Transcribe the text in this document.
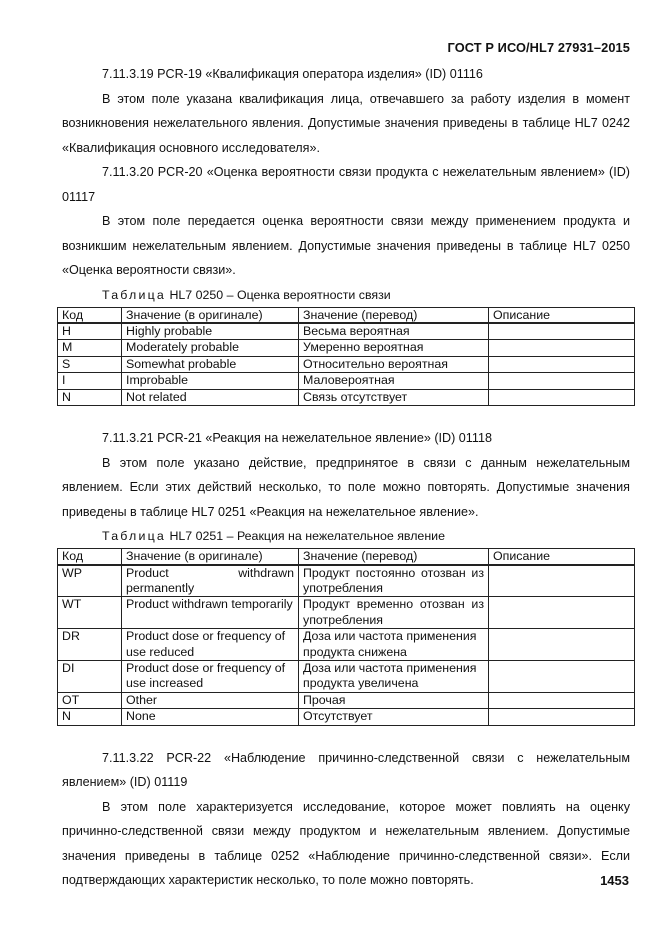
ГОСТ Р ИСО/HL7 27931–2015

7.11.3.19 PCR-19 «Квалификация оператора изделия» (ID) 01116

В этом поле указана квалификация лица, отвечавшего за работу изделия в момент возникновения нежелательного явления. Допустимые значения приведены в таблице HL7 0242 «Квалификация основного исследователя».

7.11.3.20 PCR-20 «Оценка вероятности связи продукта с нежелательным явлением» (ID) 01117

В этом поле передается оценка вероятности связи между применением продукта и возникшим нежелательным явлением. Допустимые значения приведены в таблице HL7 0250 «Оценка вероятности связи».

Таблица HL7 0250 – Оценка вероятности связи

Код	Значение (в оригинале)	Значение (перевод)	Описание
H	Highly probable	Весьма вероятная	
M	Moderately probable	Умеренно вероятная	
S	Somewhat probable	Относительно вероятная	
I	Improbable	Маловероятная	
N	Not related	Связь отсутствует	

7.11.3.21 PCR-21 «Реакция на нежелательное явление» (ID) 01118

В этом поле указано действие, предпринятое в связи с данным нежелательным явлением. Если этих действий несколько, то поле можно повторять. Допустимые значения приведены в таблице HL7 0251 «Реакция на нежелательное явление».

Таблица HL7 0251 – Реакция на нежелательное явление

Код	Значение (в оригинале)	Значение (перевод)	Описание
WP	Product withdrawn permanently	Продукт постоянно отозван из употребления	
WT	Product withdrawn temporarily	Продукт временно отозван из употребления	
DR	Product dose or frequency of use reduced	Доза или частота применения продукта снижена	
DI	Product dose or frequency of use increased	Доза или частота применения продукта увеличена	
OT	Other	Прочая	
N	None	Отсутствует	

7.11.3.22 PCR-22 «Наблюдение причинно-следственной связи с нежелательным явлением» (ID) 01119

В этом поле характеризуется исследование, которое может повлиять на оценку причинно-следственной связи между продуктом и нежелательным явлением. Допустимые значения приведены в таблице 0252 «Наблюдение причинно-следственной связи». Если подтверждающих характеристик несколько, то поле можно повторять.	1453
